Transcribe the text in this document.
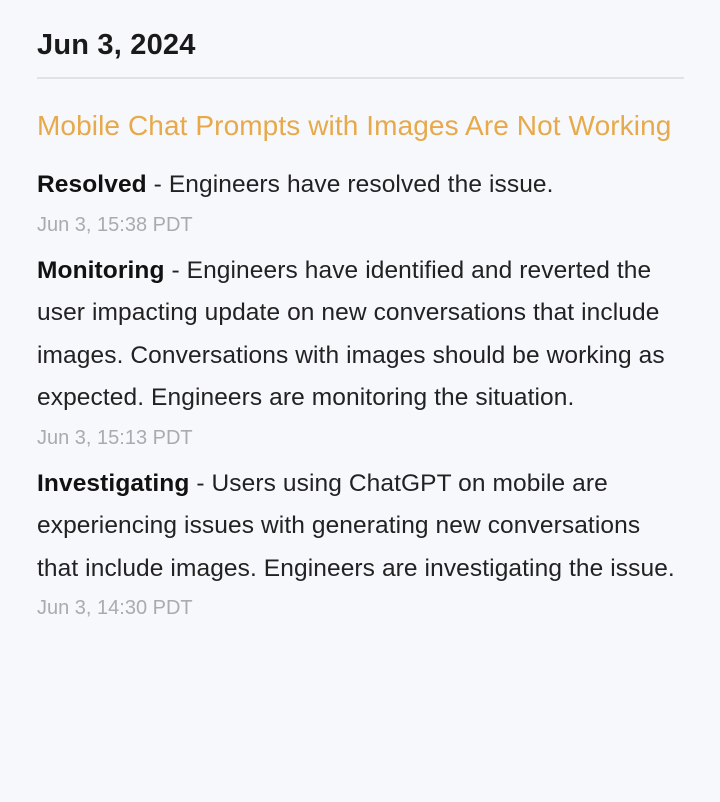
Jun 3, 2024
Mobile Chat Prompts with Images Are Not Working

Resolved - Engineers have resolved the issue.

Jun 3, 15:38 PDT

Monitoring - Engineers have identified and reverted the user impacting update on new conversations that include images. Conversations with images should be working as expected. Engineers are monitoring the situation.

Jun 3, 15:13 PDT

Investigating - Users using ChatGPT on mobile are experiencing issues with generating new conversations that include images. Engineers are investigating the issue.

Jun 3, 14:30 PDT
